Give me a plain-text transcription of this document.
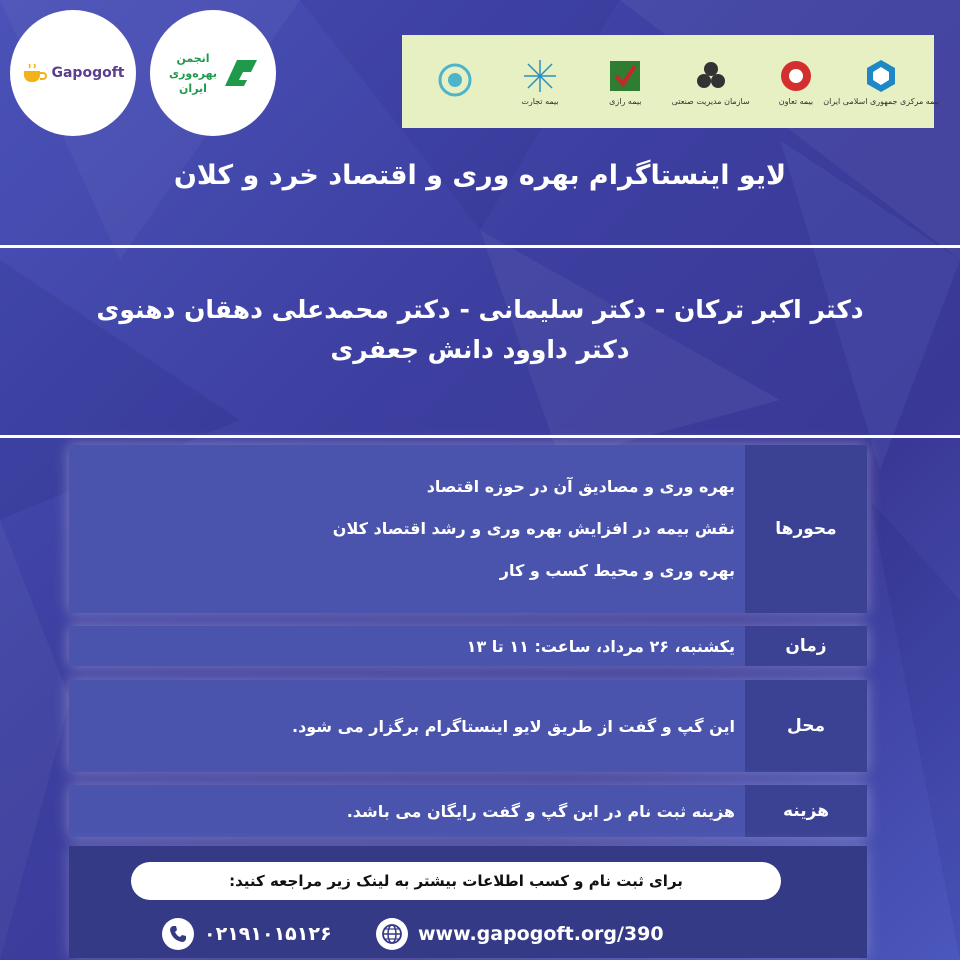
Gapogoft
انجمن
بهره‌وری
ایران
بیمه تجارت	بیمه رازی	سازمان مدیریت صنعتی	بیمه تعاون بیمه مرکزی جمهوری اسلامی ایران
لایو اینستاگرام بهره وری و اقتصاد خرد و کلان
دکتر اکبر ترکان - دکتر سلیمانی - دکتر محمدعلی دهقان دهنوی
دکتر داوود دانش جعفری
محورها
بهره وری و مصادیق آن در حوزه اقتصاد
نقش بیمه در افزایش بهره وری و رشد اقتصاد کلان
بهره وری و محیط کسب و کار
زمان
یکشنبه، ۲۶ مرداد، ساعت: ۱۱ تا ۱۳
محل
این گپ و گفت از طریق لایو اینستاگرام برگزار می شود.
هزینه
هزینه ثبت نام در این گپ و گفت رایگان می باشد.
برای ثبت نام و کسب اطلاعات بیشتر به لینک زیر مراجعه کنید:
۰۲۱۹۱۰۱۵۱۲۶	www.gapogoft.org/390
